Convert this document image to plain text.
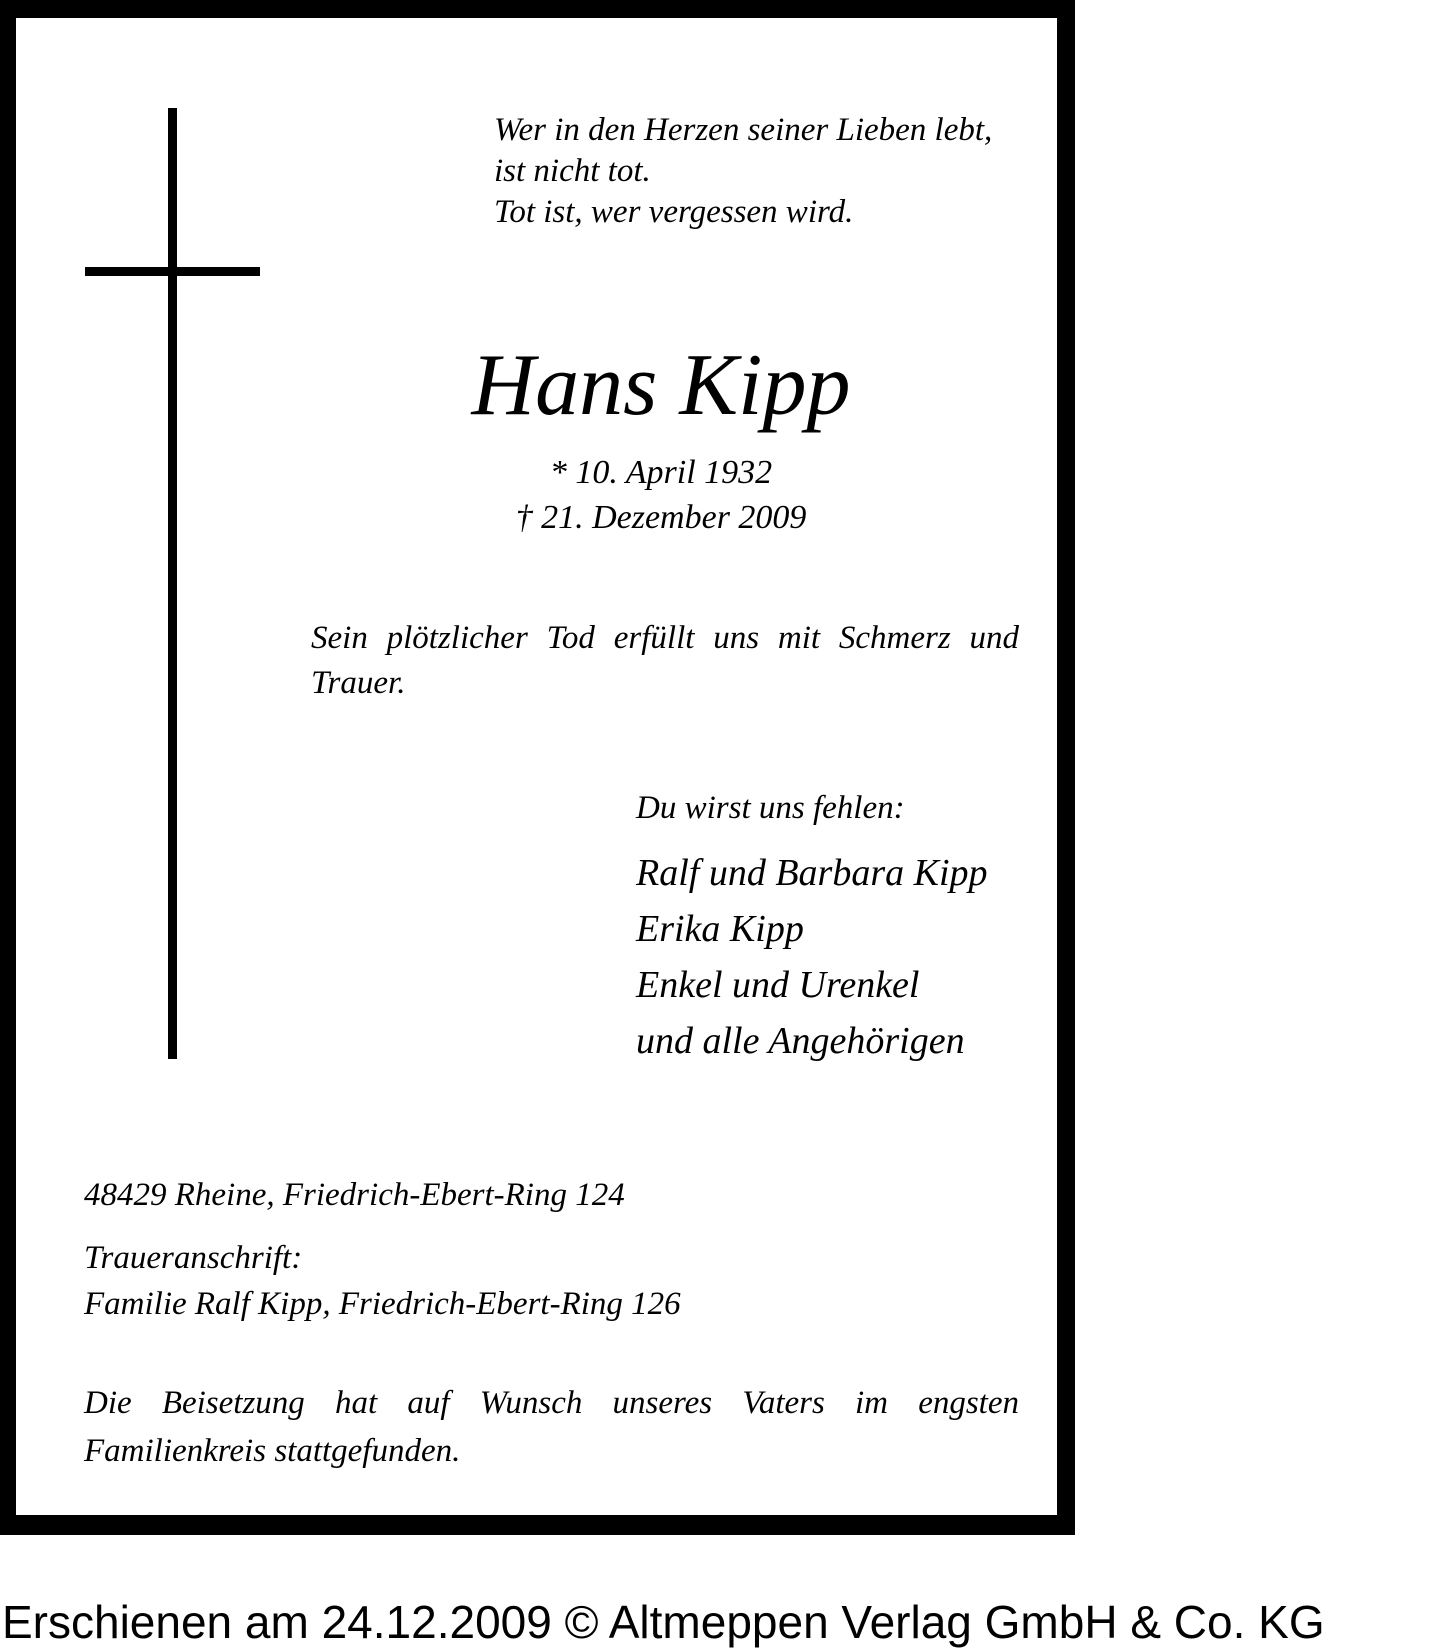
Wer in den Herzen seiner Lieben lebt,
ist nicht tot.
Tot ist, wer vergessen wird.
Hans Kipp
* 10. April 1932
† 21. Dezember 2009

Sein plötzlicher Tod erfüllt uns mit Schmerz und Trauer.

Du wirst uns fehlen:
Ralf und Barbara Kipp
Erika Kipp
Enkel und Urenkel
und alle Angehörigen
48429 Rheine, Friedrich-Ebert-Ring 124
Traueranschrift:
Familie Ralf Kipp, Friedrich-Ebert-Ring 126

Die Beisetzung hat auf Wunsch unseres Vaters im engsten Familienkreis stattgefunden.

Erschienen am 24.12.2009 © Altmeppen Verlag GmbH & Co. KG
